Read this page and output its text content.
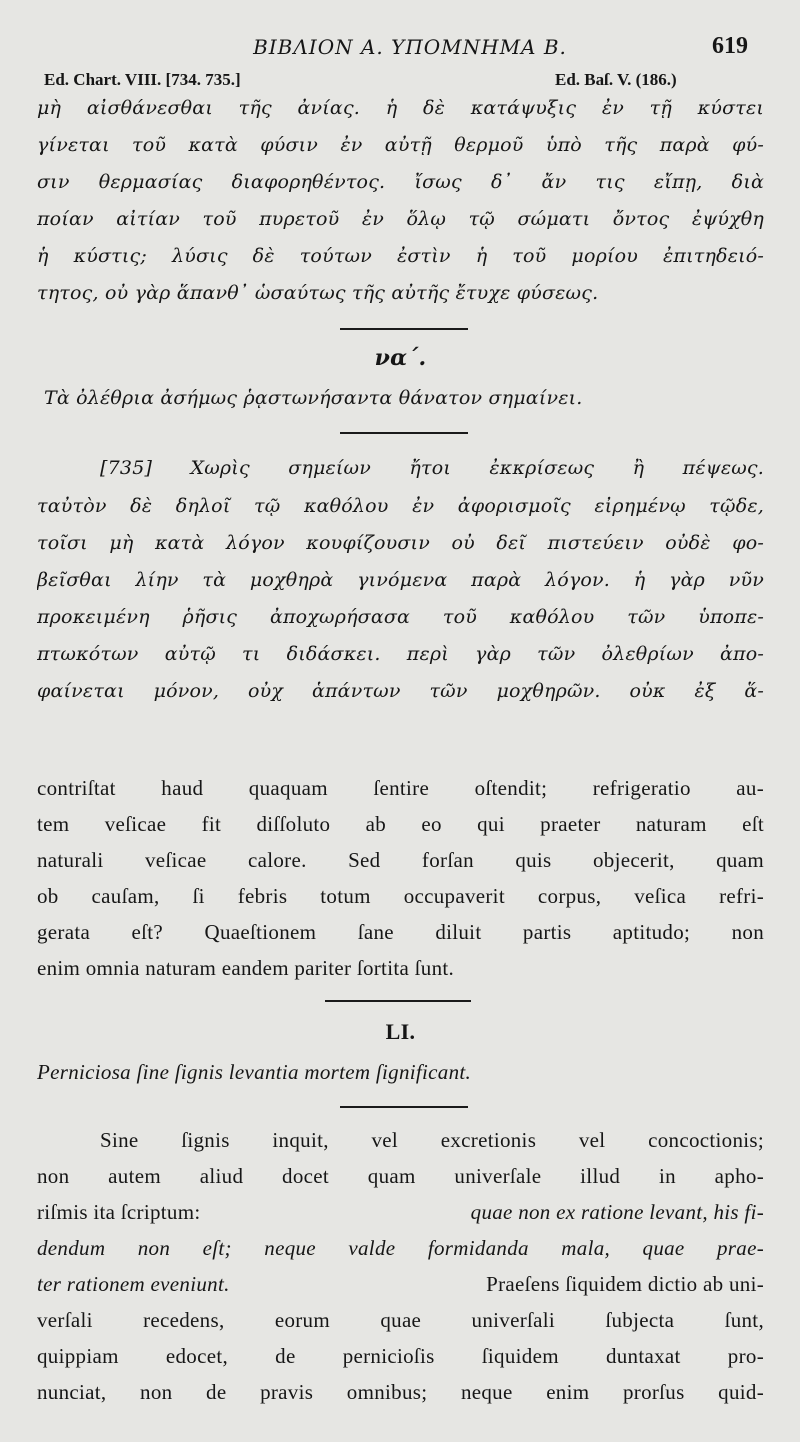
ΒΙΒΛΙΟΝ Α. ΥΠΟΜΝΗΜΑ Β.	619
Ed. Chart. VIII. [734. 735.]	Ed. Baſ. V. (186.)
μὴ αἰσθάνεσθαι τῆς ἀνίας. ἡ δὲ κατάψυξις ἐν τῇ κύστει
γίνεται τοῦ κατὰ φύσιν ἐν αὐτῇ θερμοῦ ὑπὸ τῆς παρὰ φύ-
σιν θερμασίας διαφορηθέντος. ἴσως δ᾽ ἄν τις εἴπῃ, διὰ
ποίαν αἰτίαν τοῦ πυρετοῦ ἐν ὅλῳ τῷ σώματι ὄντος ἐψύχθη
ἡ κύστις; λύσις δὲ τούτων ἐστὶν ἡ τοῦ μορίου ἐπιτηδειό-
τητος, οὐ γὰρ ἅπανθ᾽ ὡσαύτως τῆς αὐτῆς ἔτυχε φύσεως.
να΄.
Τὰ ὀλέθρια ἀσήμως ῥᾳστωνήσαντα θάνατον σημαίνει.
[735] Χωρὶς σημείων ἤτοι ἐκκρίσεως ἢ πέψεως.
ταὐτὸν δὲ δηλοῖ τῷ καθόλου ἐν ἀφορισμοῖς εἰρημένῳ τῷδε,
τοῖσι μὴ κατὰ λόγον κουφίζουσιν οὐ δεῖ πιστεύειν οὐδὲ φο-
βεῖσθαι λίην τὰ μοχθηρὰ γινόμενα παρὰ λόγον. ἡ γὰρ νῦν
προκειμένη ῥῆσις ἀποχωρήσασα τοῦ καθόλου τῶν ὑποπε-
πτωκότων αὐτῷ τι διδάσκει. περὶ γὰρ τῶν ὀλεθρίων ἀπο-
φαίνεται μόνον, οὐχ ἁπάντων τῶν μοχθηρῶν. οὐκ ἐξ ἅ-
contriſtat haud quaquam ſentire oſtendit; refrigeratio au-
tem veſicae fit diſſoluto ab eo qui praeter naturam eſt
naturali veſicae calore. Sed forſan quis objecerit, quam
ob cauſam, ſi febris totum occupaverit corpus, veſica refri-
gerata eſt? Quaeſtionem ſane diluit partis aptitudo; non
enim omnia naturam eandem pariter ſortita ſunt.
LI.
Perniciosa ſine ſignis levantia mortem ſignificant.
Sine ſignis inquit, vel excretionis vel concoctionis;
non autem aliud docet quam univerſale illud in apho-
riſmis ita ſcriptum:	quae non ex ratione levant, his fi-
dendum non eſt; neque valde formidanda mala, quae prae-
ter rationem eveniunt.	Praeſens ſiquidem dictio ab uni-
verſali recedens, eorum quae univerſali ſubjecta ſunt,
quippiam edocet, de pernicioſis ſiquidem duntaxat pro-
nunciat, non de pravis omnibus; neque enim prorſus quid-
